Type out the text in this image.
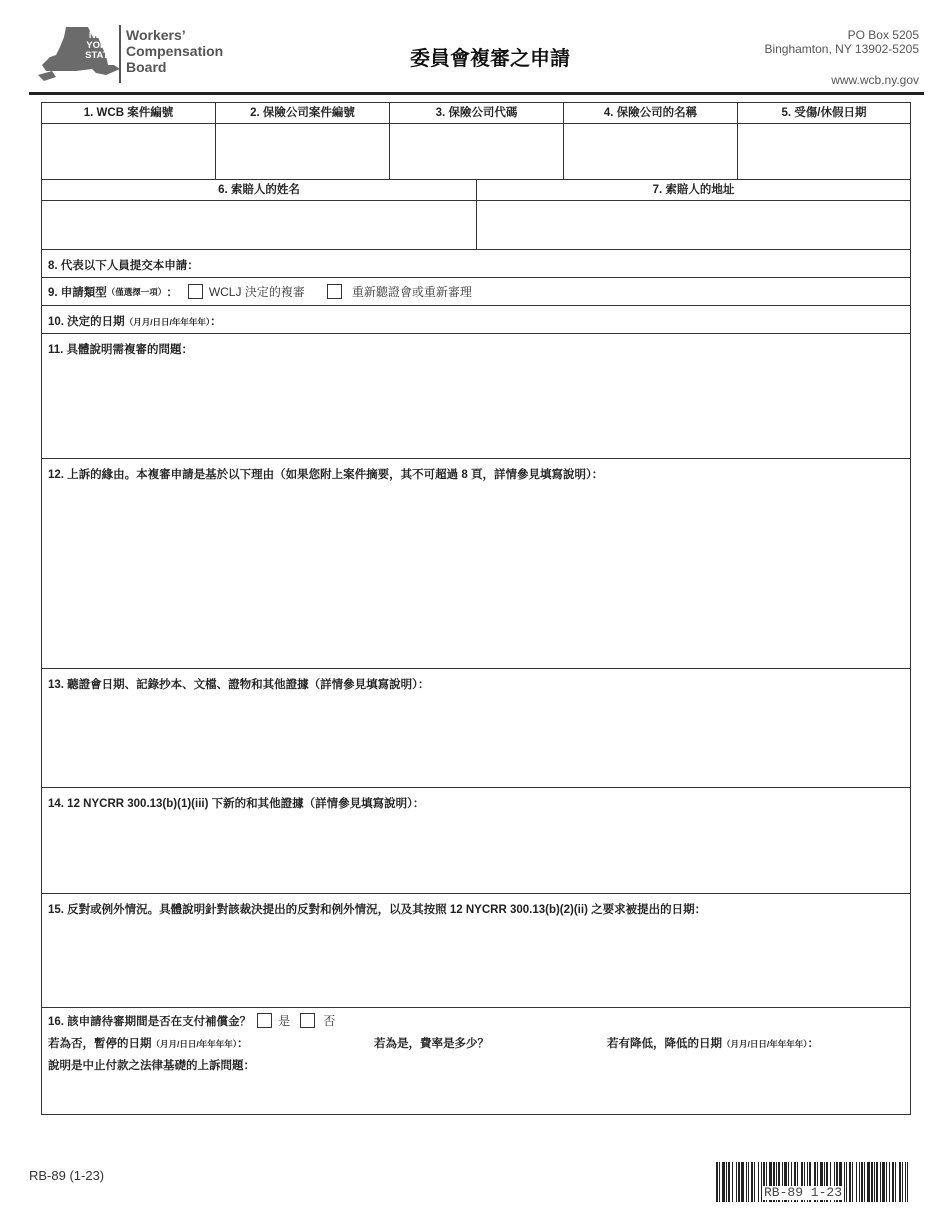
NEW
YORK
STATE
Workers’
Compensation
Board	委員會複審之申請
PO Box 5205
Binghamton, NY 13902-5205
www.wcb.ny.gov
1. WCB 案件編號	2. 保險公司案件編號	3. 保險公司代碼	4. 保險公司的名稱	5. 受傷/休假日期
6. 索賠人的姓名	7. 索賠人的地址
8. 代表以下人員提交本申請：
9. 申請類型 （僅選擇一項） ：	WCLJ 決定的複審	重新聽證會或重新審理
10. 決定的日期（月月/日日/年年年年）：
11. 具體說明需複審的問題：
12. 上訴的緣由。本複審申請是基於以下理由（如果您附上案件摘要，其不可超過 8 頁，詳情參見填寫說明）：
13. 聽證會日期、記錄抄本、文檔、證物和其他證據（詳情參見填寫說明）：
14. 12 NYCRR 300.13(b)(1)(iii) 下新的和其他證據（詳情參見填寫說明）：
15. 反對或例外情況。具體說明針對該裁決提出的反對和例外情況，以及其按照 12 NYCRR 300.13(b)(2)(ii) 之要求被提出的日期：
16. 該申請待審期間是否在支付補償金？ 是	否
若為否，暫停的日期（月月/日日/年年年年）：	若為是，費率是多少？	若有降低，降低的日期（月月/日日/年年年年）：
說明是中止付款之法律基礎的上訴問題：
RB-89 (1-23)
RB-89 1-23
